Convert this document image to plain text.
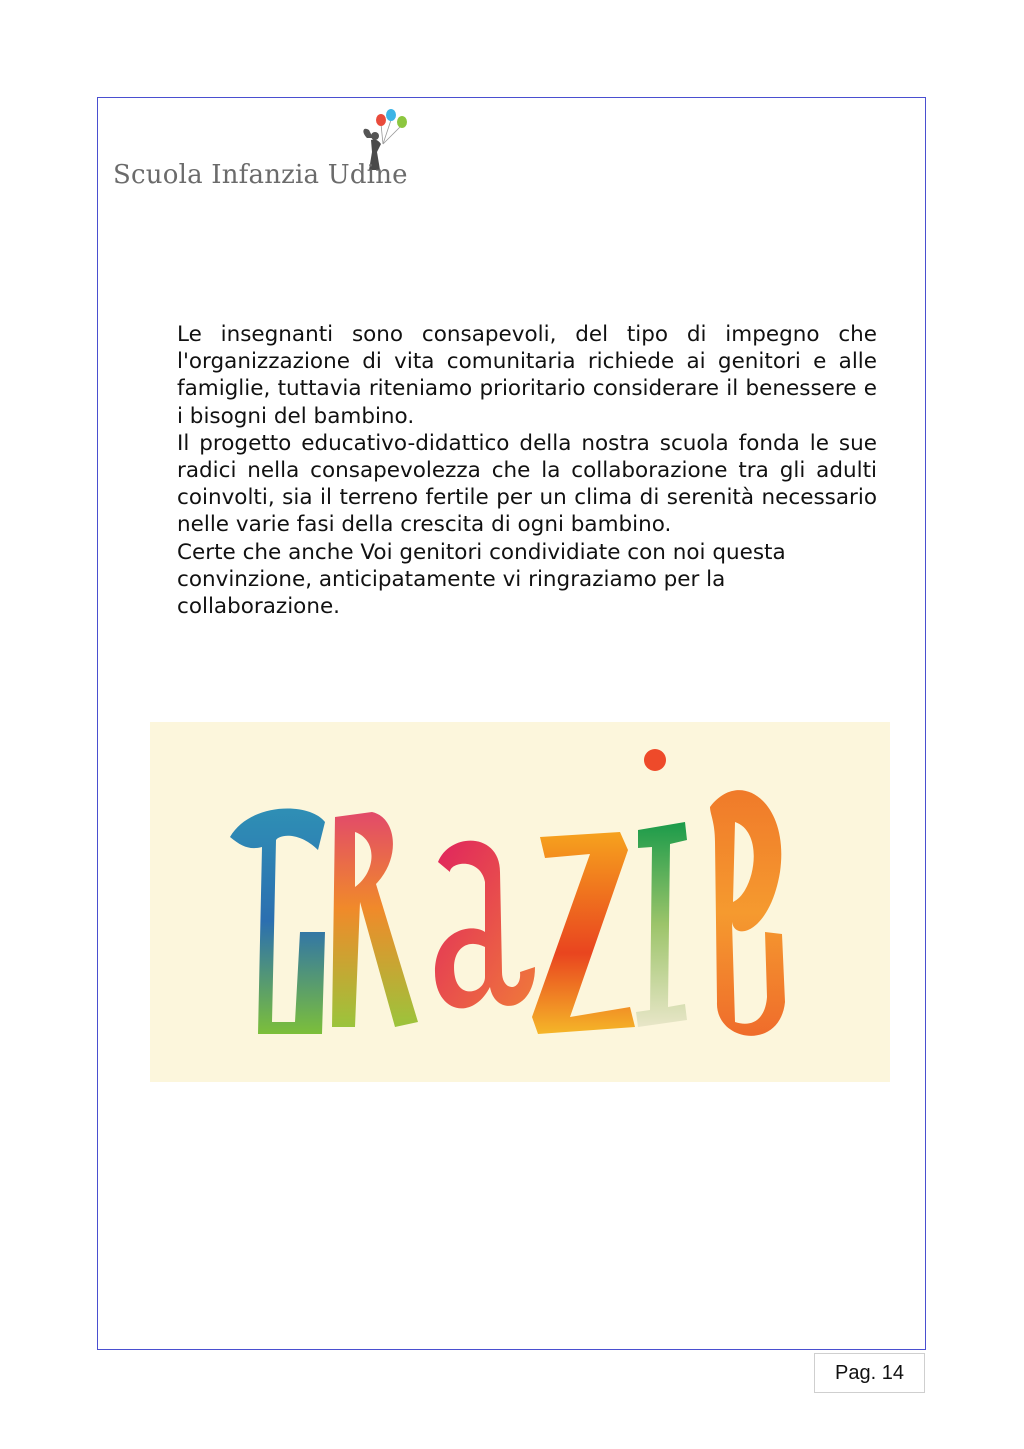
Scuola Infanzia Udine

Le insegnanti sono consapevoli, del tipo di impegno che l'organizzazione di vita comunitaria richiede ai genitori e alle famiglie, tuttavia riteniamo prioritario considerare il benessere e i bisogni del bambino.

Il progetto educativo-didattico della nostra scuola fonda le sue radici nella consapevolezza che la collaborazione tra gli adulti coinvolti, sia il terreno fertile per un clima di serenità necessario nelle varie fasi della crescita di ogni bambino.

Certe che anche Voi genitori condividiate con noi questa convinzione, anticipatamente vi ringraziamo per la collaborazione.

Pag. 14
